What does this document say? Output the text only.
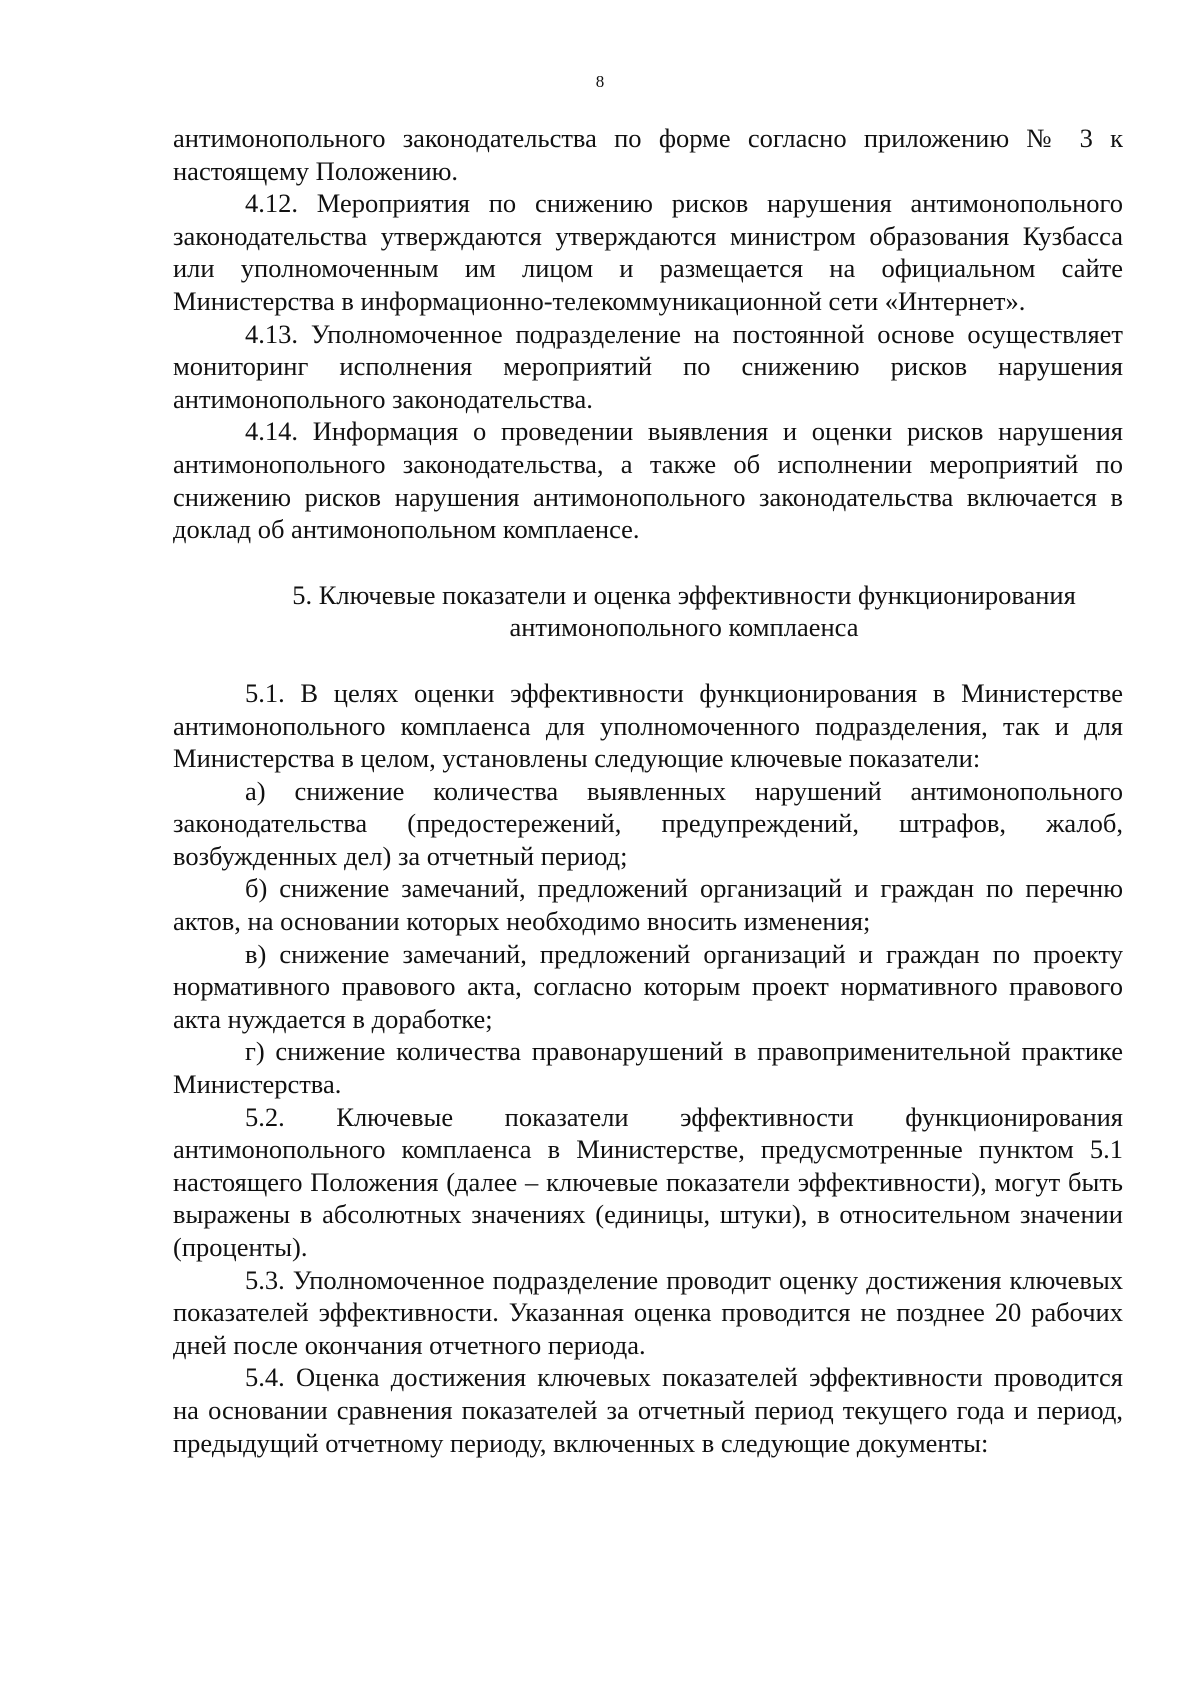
8

антимонопольного законодательства по форме согласно приложению № 3 к настоящему Положению.

4.12. Мероприятия по снижению рисков нарушения антимонопольного законодательства утверждаются утверждаются министром образования Кузбасса или уполномоченным им лицом и размещается на официальном сайте Министерства в информационно-телекоммуникационной сети «Интернет».

4.13. Уполномоченное подразделение на постоянной основе осуществляет мониторинг исполнения мероприятий по снижению рисков нарушения антимонопольного законодательства.

4.14. Информация о проведении выявления и оценки рисков нарушения антимонопольного законодательства, а также об исполнении мероприятий по снижению рисков нарушения антимонопольного законодательства включается в доклад об антимонопольном комплаенсе.

5. Ключевые показатели и оценка эффективности функционирования

антимонопольного комплаенса

5.1. В целях оценки эффективности функционирования в Министерстве антимонопольного комплаенса для уполномоченного подразделения, так и для Министерства в целом, установлены следующие ключевые показатели:

а) снижение количества выявленных нарушений антимонопольного законодательства (предостережений, предупреждений, штрафов, жалоб, возбужденных дел) за отчетный период;

б) снижение замечаний, предложений организаций и граждан по перечню актов, на основании которых необходимо вносить изменения;

в) снижение замечаний, предложений организаций и граждан по проекту нормативного правового акта, согласно которым проект нормативного правового акта нуждается в доработке;

г) снижение количества правонарушений в правоприменительной практике Министерства.

5.2. Ключевые показатели эффективности функционирования антимонопольного комплаенса в Министерстве, предусмотренные пунктом 5.1 настоящего Положения (далее – ключевые показатели эффективности), могут быть выражены в абсолютных значениях (единицы, штуки), в относительном значении (проценты).

5.3. Уполномоченное подразделение проводит оценку достижения ключевых показателей эффективности. Указанная оценка проводится не позднее 20 рабочих дней после окончания отчетного периода.

5.4. Оценка достижения ключевых показателей эффективности проводится на основании сравнения показателей за отчетный период текущего года и период, предыдущий отчетному периоду, включенных в следующие документы:
